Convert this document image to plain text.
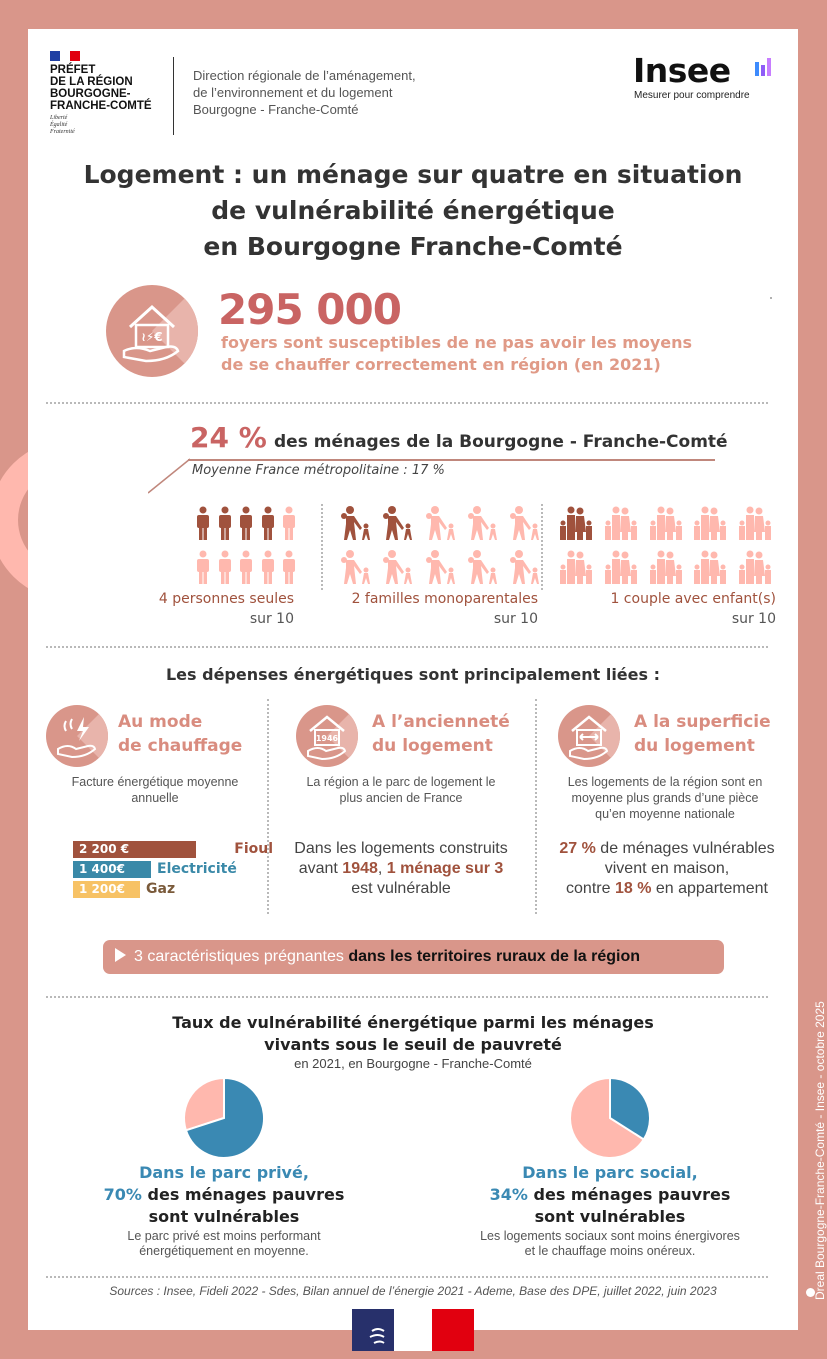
PRÉFET
DE LA RÉGION
BOURGOGNE-
FRANCHE-COMTÉ
Liberté
Égalité
Fraternité
Direction régionale de l’aménagement,
de l’environnement et du logement
Bourgogne - Franche-Comté
Insee
Mesurer pour comprendre
Logement : un ménage sur quatre en situation
de vulnérabilité énergétique
en Bourgogne Franche-Comté
≀⚡€
295 000
foyers sont susceptibles de ne pas avoir les moyens
de se chauffer correctement en région (en 2021)
24 % des ménages de la Bourgogne - Franche-Comté
Moyenne France métropolitaine : 17 %
4 personnes seules
sur 10
2 familles monoparentales
sur 10
1 couple avec enfant(s)
sur 10
Les dépenses énergétiques sont principalement liées :
Au mode
de chauffage
Facture énergétique moyenne
annuelle
2 200 €	Fioul
1 400€	Electricité
1 200€	Gaz
1946
A l’ancienneté
du logement
La région a le parc de logement le
plus ancien de France
Dans les logements construits
avant 1948, 1 ménage sur 3
est vulnérable
A la superficie
du logement
Les logements de la région sont en
moyenne plus grands d’une pièce
qu’en moyenne nationale
27 % de ménages vulnérables
vivent en maison,
contre 18 % en appartement
3 caractéristiques prégnantes dans les territoires ruraux de la région
Taux de vulnérabilité énergétique parmi les ménages
vivants sous le seuil de pauvreté
en 2021, en Bourgogne - Franche-Comté
Dans le parc privé,
70% des ménages pauvres
sont vulnérables
Le parc privé est moins performant
énergétiquement en moyenne.
Dans le parc social,
34% des ménages pauvres
sont vulnérables
Les logements sociaux sont moins énergivores
et le chauffage moins onéreux.
Sources : Insee, Fideli 2022 - Sdes, Bilan annuel de l’énergie 2021 - Ademe, Base des DPE, juillet 2022, juin 2023	Dreal Bourgogne-Franche-Comté - Insee - octobre 2025
